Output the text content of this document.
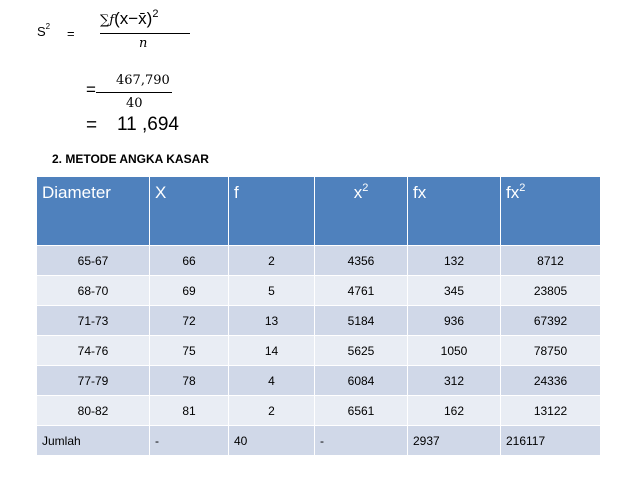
$S^2$ =
∑ƒ(x−x̄)$^2$
n
= 467,790
40
= 11 ,694
2. METODE ANGKA KASAR
Diameter	X	f	$x^2$	fx	$fx^2$
65-67	66	2	4356	132	8712
68-70	69	5	4761	345	23805
71-73	72	13	5184	936	67392
74-76	75	14	5625	1050	78750
77-79	78	4	6084	312	24336
80-82	81	2	6561	162	13122
Jumlah	-	40	-	2937	216117
